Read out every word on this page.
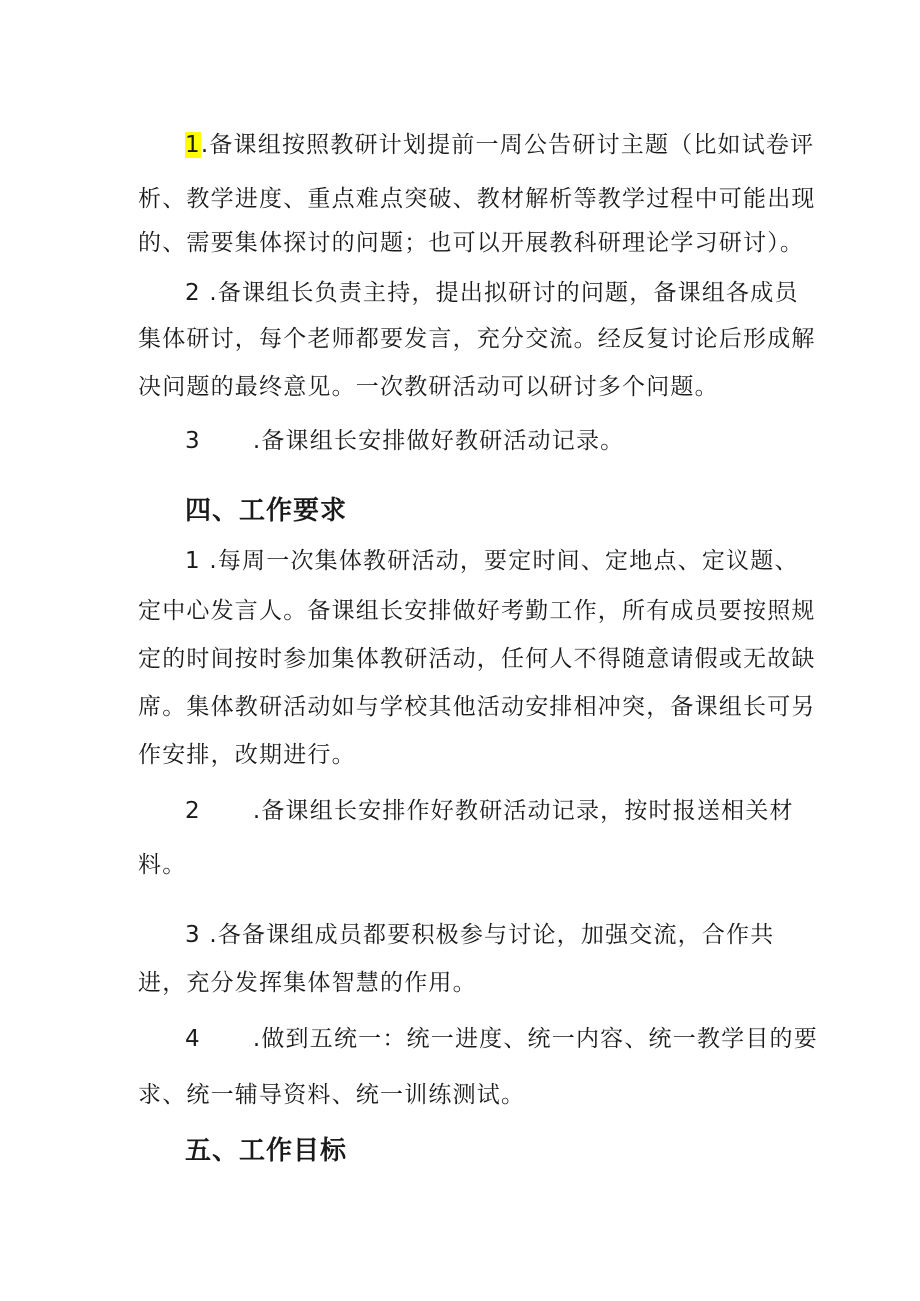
1.备课组按照教研计划提前一周公告研讨主题（比如试卷评
析、教学进度、重点难点突破、教材解析等教学过程中可能出现
的、需要集体探讨的问题；也可以开展教科研理论学习研讨）。
2 .备课组长负责主持，提出拟研讨的问题，备课组各成员
集体研讨，每个老师都要发言，充分交流。经反复讨论后形成解
决问题的最终意见。一次教研活动可以研讨多个问题。
3 .备课组长安排做好教研活动记录。
四、工作要求
1 .每周一次集体教研活动，要定时间、定地点、定议题、
定中心发言人。备课组长安排做好考勤工作，所有成员要按照规
定的时间按时参加集体教研活动，任何人不得随意请假或无故缺
席。集体教研活动如与学校其他活动安排相冲突，备课组长可另
作安排，改期进行。
2 .备课组长安排作好教研活动记录，按时报送相关材
料。
3 .各备课组成员都要积极参与讨论，加强交流，合作共
进，充分发挥集体智慧的作用。
4 .做到五统一：统一进度、统一内容、统一教学目的要
求、统一辅导资料、统一训练测试。
五、工作目标
